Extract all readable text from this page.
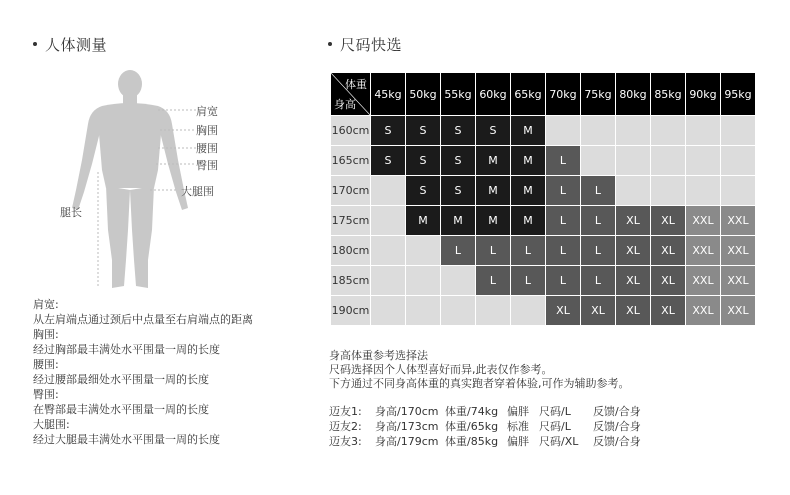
人体测量
肩宽
胸围
腰围
臀围
大腿围
腿长
肩宽:
从左肩端点通过颈后中点量至右肩端点的距离
胸围:
经过胸部最丰满处水平围量一周的长度
腰围:
经过腰部最细处水平围量一周的长度
臀围:
在臀部最丰满处水平围量一周的长度
大腿围:
经过大腿最丰满处水平围量一周的长度
尺码快选
体重
身高	45kg	50kg	55kg	60kg	65kg	70kg	75kg	80kg	85kg	90kg	95kg
160cm	S	S	S	S	M						
165cm	S	S	S	M	M	L					
170cm		S	S	M	M	L	L				
175cm		M	M	M	M	L	L	XL	XL	XXL	XXL
180cm			L	L	L	L	L	XL	XL	XXL	XXL
185cm				L	L	L	L	XL	XL	XXL	XXL
190cm						XL	XL	XL	XL	XXL	XXL
身高体重参考选择法
尺码选择因个人体型喜好而异,此表仅作参考。
下方通过不同身高体重的真实跑者穿着体验,可作为辅助参考。
迈友1: 身高/170cm 体重/74kg 偏胖 尺码/L 反馈/合身
迈友2: 身高/173cm 体重/65kg 标准 尺码/L 反馈/合身
迈友3: 身高/179cm 体重/85kg 偏胖 尺码/XL 反馈/合身
